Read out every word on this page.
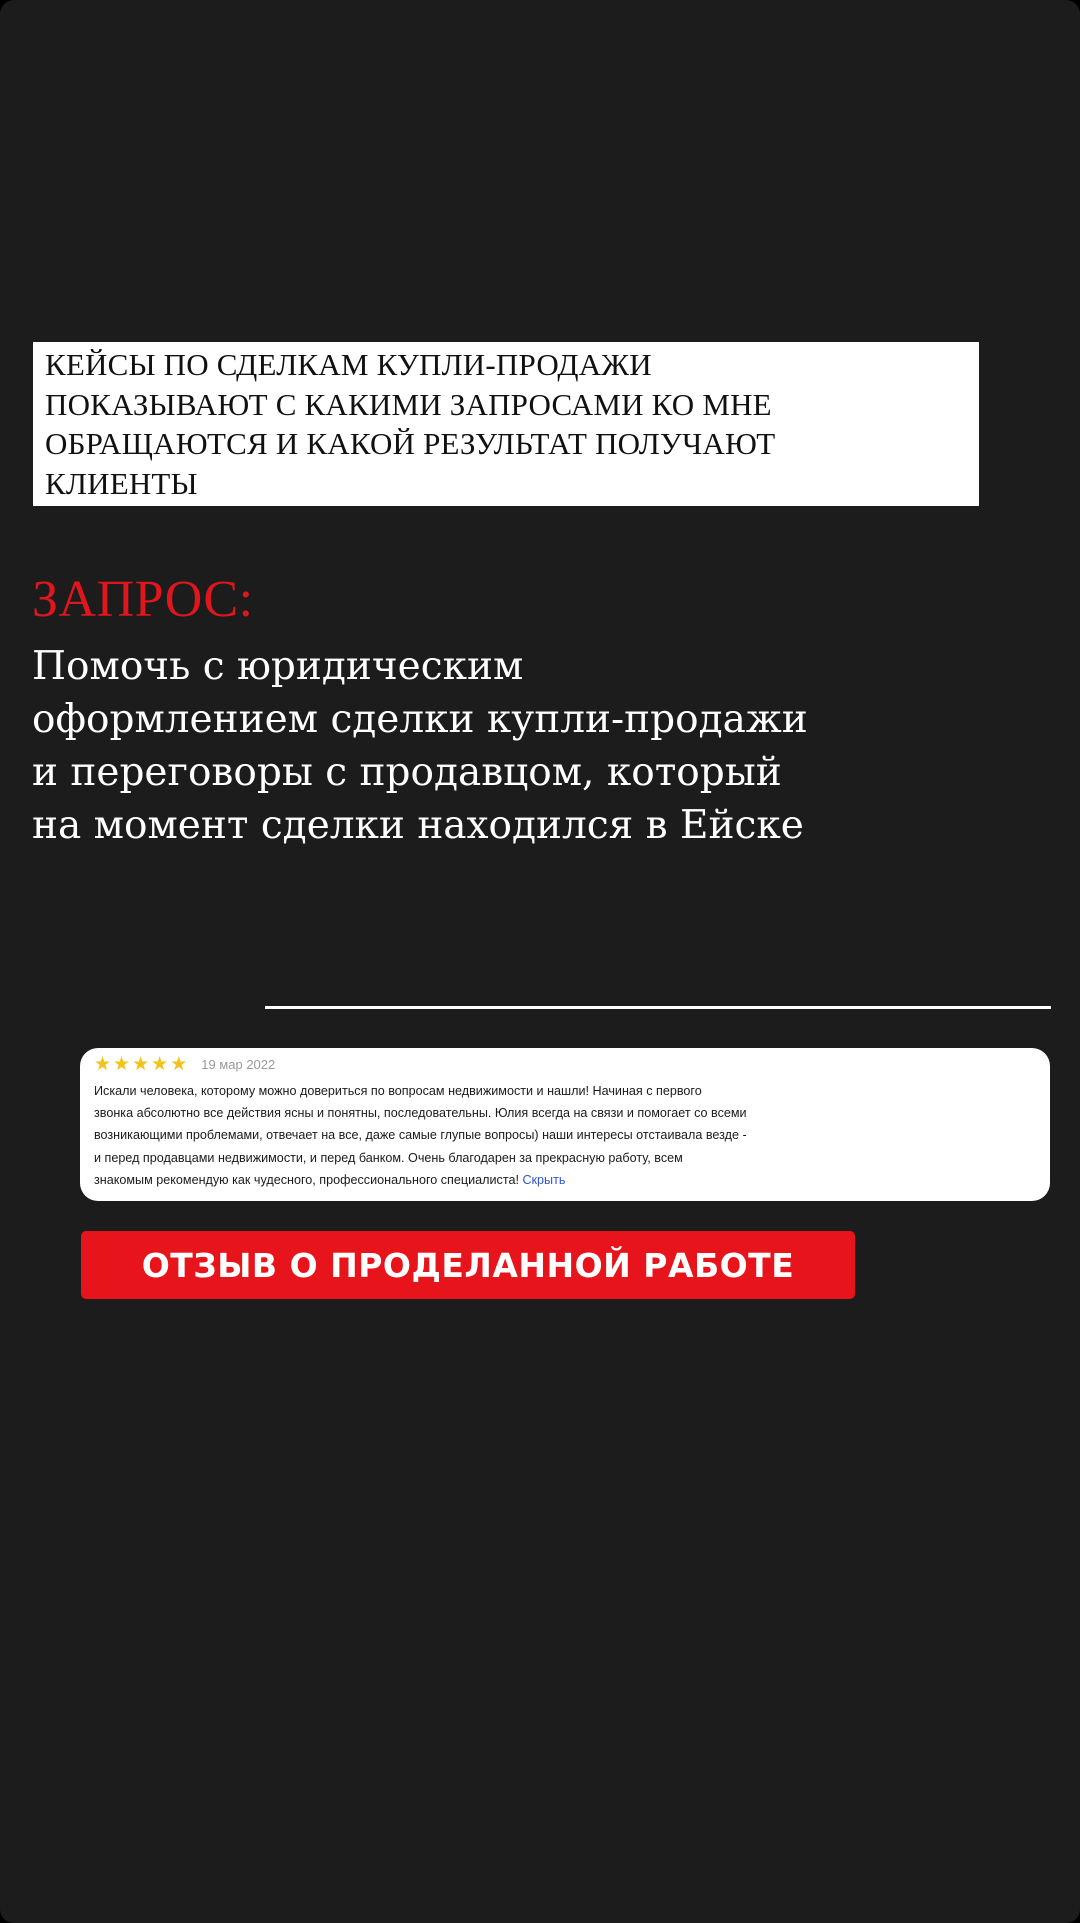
КЕЙСЫ ПО СДЕЛКАМ КУПЛИ-ПРОДАЖИ
ПОКАЗЫВАЮТ С КАКИМИ ЗАПРОСАМИ КО МНЕ
ОБРАЩАЮТСЯ И КАКОЙ РЕЗУЛЬТАТ ПОЛУЧАЮТ
КЛИЕНТЫ

ЗАПРОС:

Помочь с юридическим
оформлением сделки купли-продажи
и переговоры с продавцом, который
на момент сделки находился в Ейске

★ ★ ★ ★ ★ 19 мар 2022

Искали человека, которому можно довериться по вопросам недвижимости и нашли! Начиная с первого
звонка абсолютно все действия ясны и понятны, последовательны. Юлия всегда на связи и помогает со всеми
возникающими проблемами, отвечает на все, даже самые глупые вопросы) наши интересы отстаивала везде -
и перед продавцами недвижимости, и перед банком. Очень благодарен за прекрасную работу, всем
знакомым рекомендую как чудесного, профессионального специалиста! Скрыть

ОТЗЫВ О ПРОДЕЛАННОЙ РАБОТЕ
